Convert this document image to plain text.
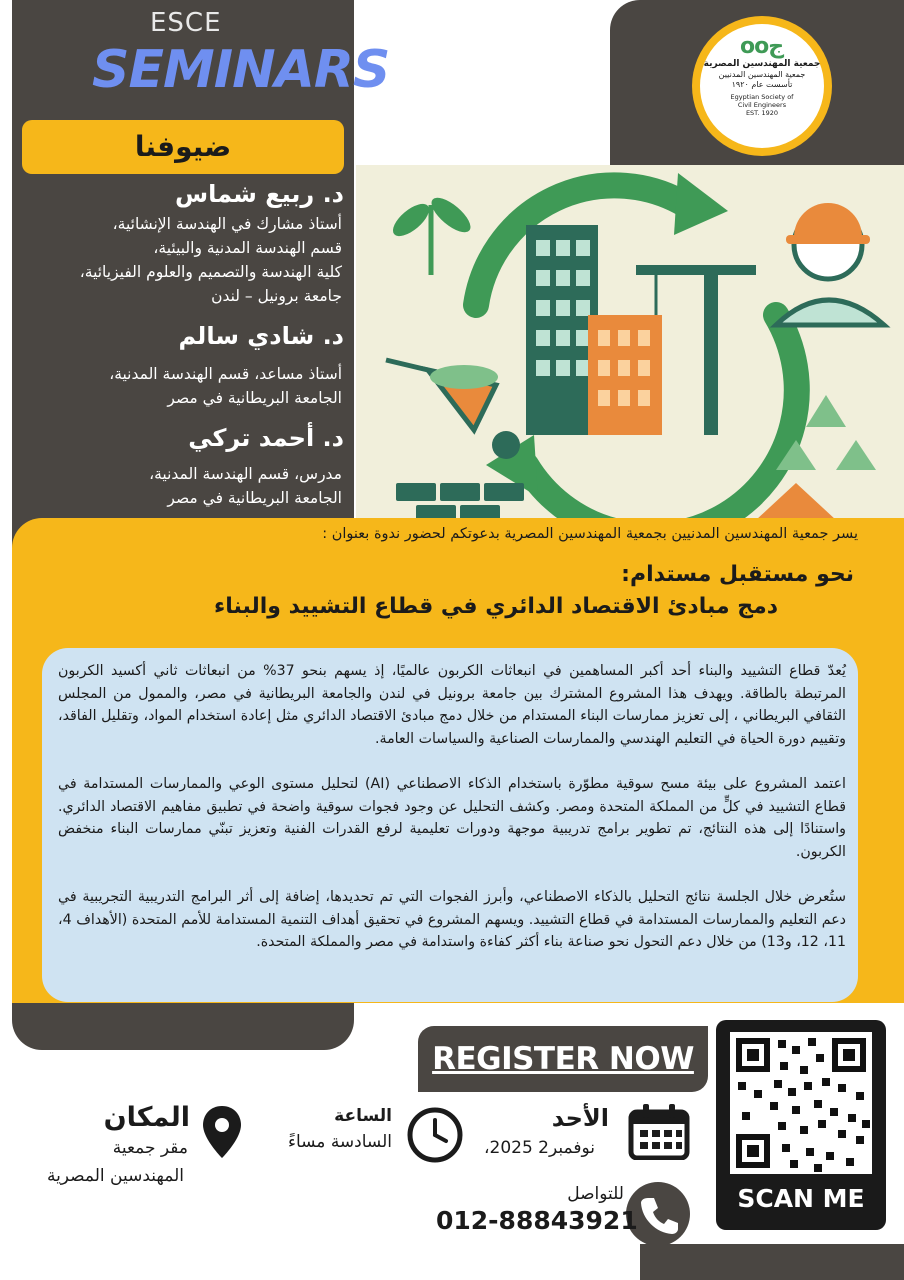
ESCE
SEMINARS
ضيوفنا
د. ربيع شماس
أستاذ مشارك في الهندسة الإنشائية،
قسم الهندسة المدنية والبيئية،
كلية الهندسة والتصميم والعلوم الفيزيائية،
جامعة برونيل – لندن
د. شادي سالم
أستاذ مساعد، قسم الهندسة المدنية،
الجامعة البريطانية في مصر
د. أحمد تركي
مدرس، قسم الهندسة المدنية،
الجامعة البريطانية في مصر
ooج
جمعية المهندسين المصرية
جمعية المهندسين المدنيين
تأسست عام ١٩٢٠
Egyptian Society of
Civil Engineers
EST. 1920
يسر جمعية المهندسين المدنيين بجمعية المهندسين المصرية بدعوتكم لحضور ندوة بعنوان :
نحو مستقبل مستدام:
دمج مبادئ الاقتصاد الدائري في قطاع التشييد والبناء
يُعدّ قطاع التشييد والبناء أحد أكبر المساهمين في انبعاثات الكربون عالميًا، إذ يسهم بنحو 37% من انبعاثات ثاني أكسيد الكربون المرتبطة بالطاقة. ويهدف هذا المشروع المشترك بين جامعة برونيل في لندن والجامعة البريطانية في مصر، والممول من المجلس الثقافي البريطاني ، إلى تعزيز ممارسات البناء المستدام من خلال دمج مبادئ الاقتصاد الدائري مثل إعادة استخدام المواد، وتقليل الفاقد، وتقييم دورة الحياة في التعليم الهندسي والممارسات الصناعية والسياسات العامة.
اعتمد المشروع على بيئة مسح سوقية مطوّرة باستخدام الذكاء الاصطناعي (AI) لتحليل مستوى الوعي والممارسات المستدامة في قطاع التشييد في كلٍّ من المملكة المتحدة ومصر. وكشف التحليل عن وجود فجوات سوقية واضحة في تطبيق مفاهيم الاقتصاد الدائري. واستنادًا إلى هذه النتائج، تم تطوير برامج تدريبية موجهة ودورات تعليمية لرفع القدرات الفنية وتعزيز تبنّي ممارسات البناء منخفض الكربون.
ستُعرض خلال الجلسة نتائج التحليل بالذكاء الاصطناعي، وأبرز الفجوات التي تم تحديدها، إضافة إلى أثر البرامج التدريبية التجريبية في دعم التعليم والممارسات المستدامة في قطاع التشييد. ويسهم المشروع في تحقيق أهداف التنمية المستدامة للأمم المتحدة (الأهداف 4، 11، 12، و13) من خلال دعم التحول نحو صناعة بناء أكثر كفاءة واستدامة في مصر والمملكة المتحدة.
REGISTER NOW
SCAN ME
الأحد
،نوفمبر2 2025
الساعة
السادسة مساءً
المكان
مقر جمعية
المهندسين المصرية
للتواصل
012-88843921
